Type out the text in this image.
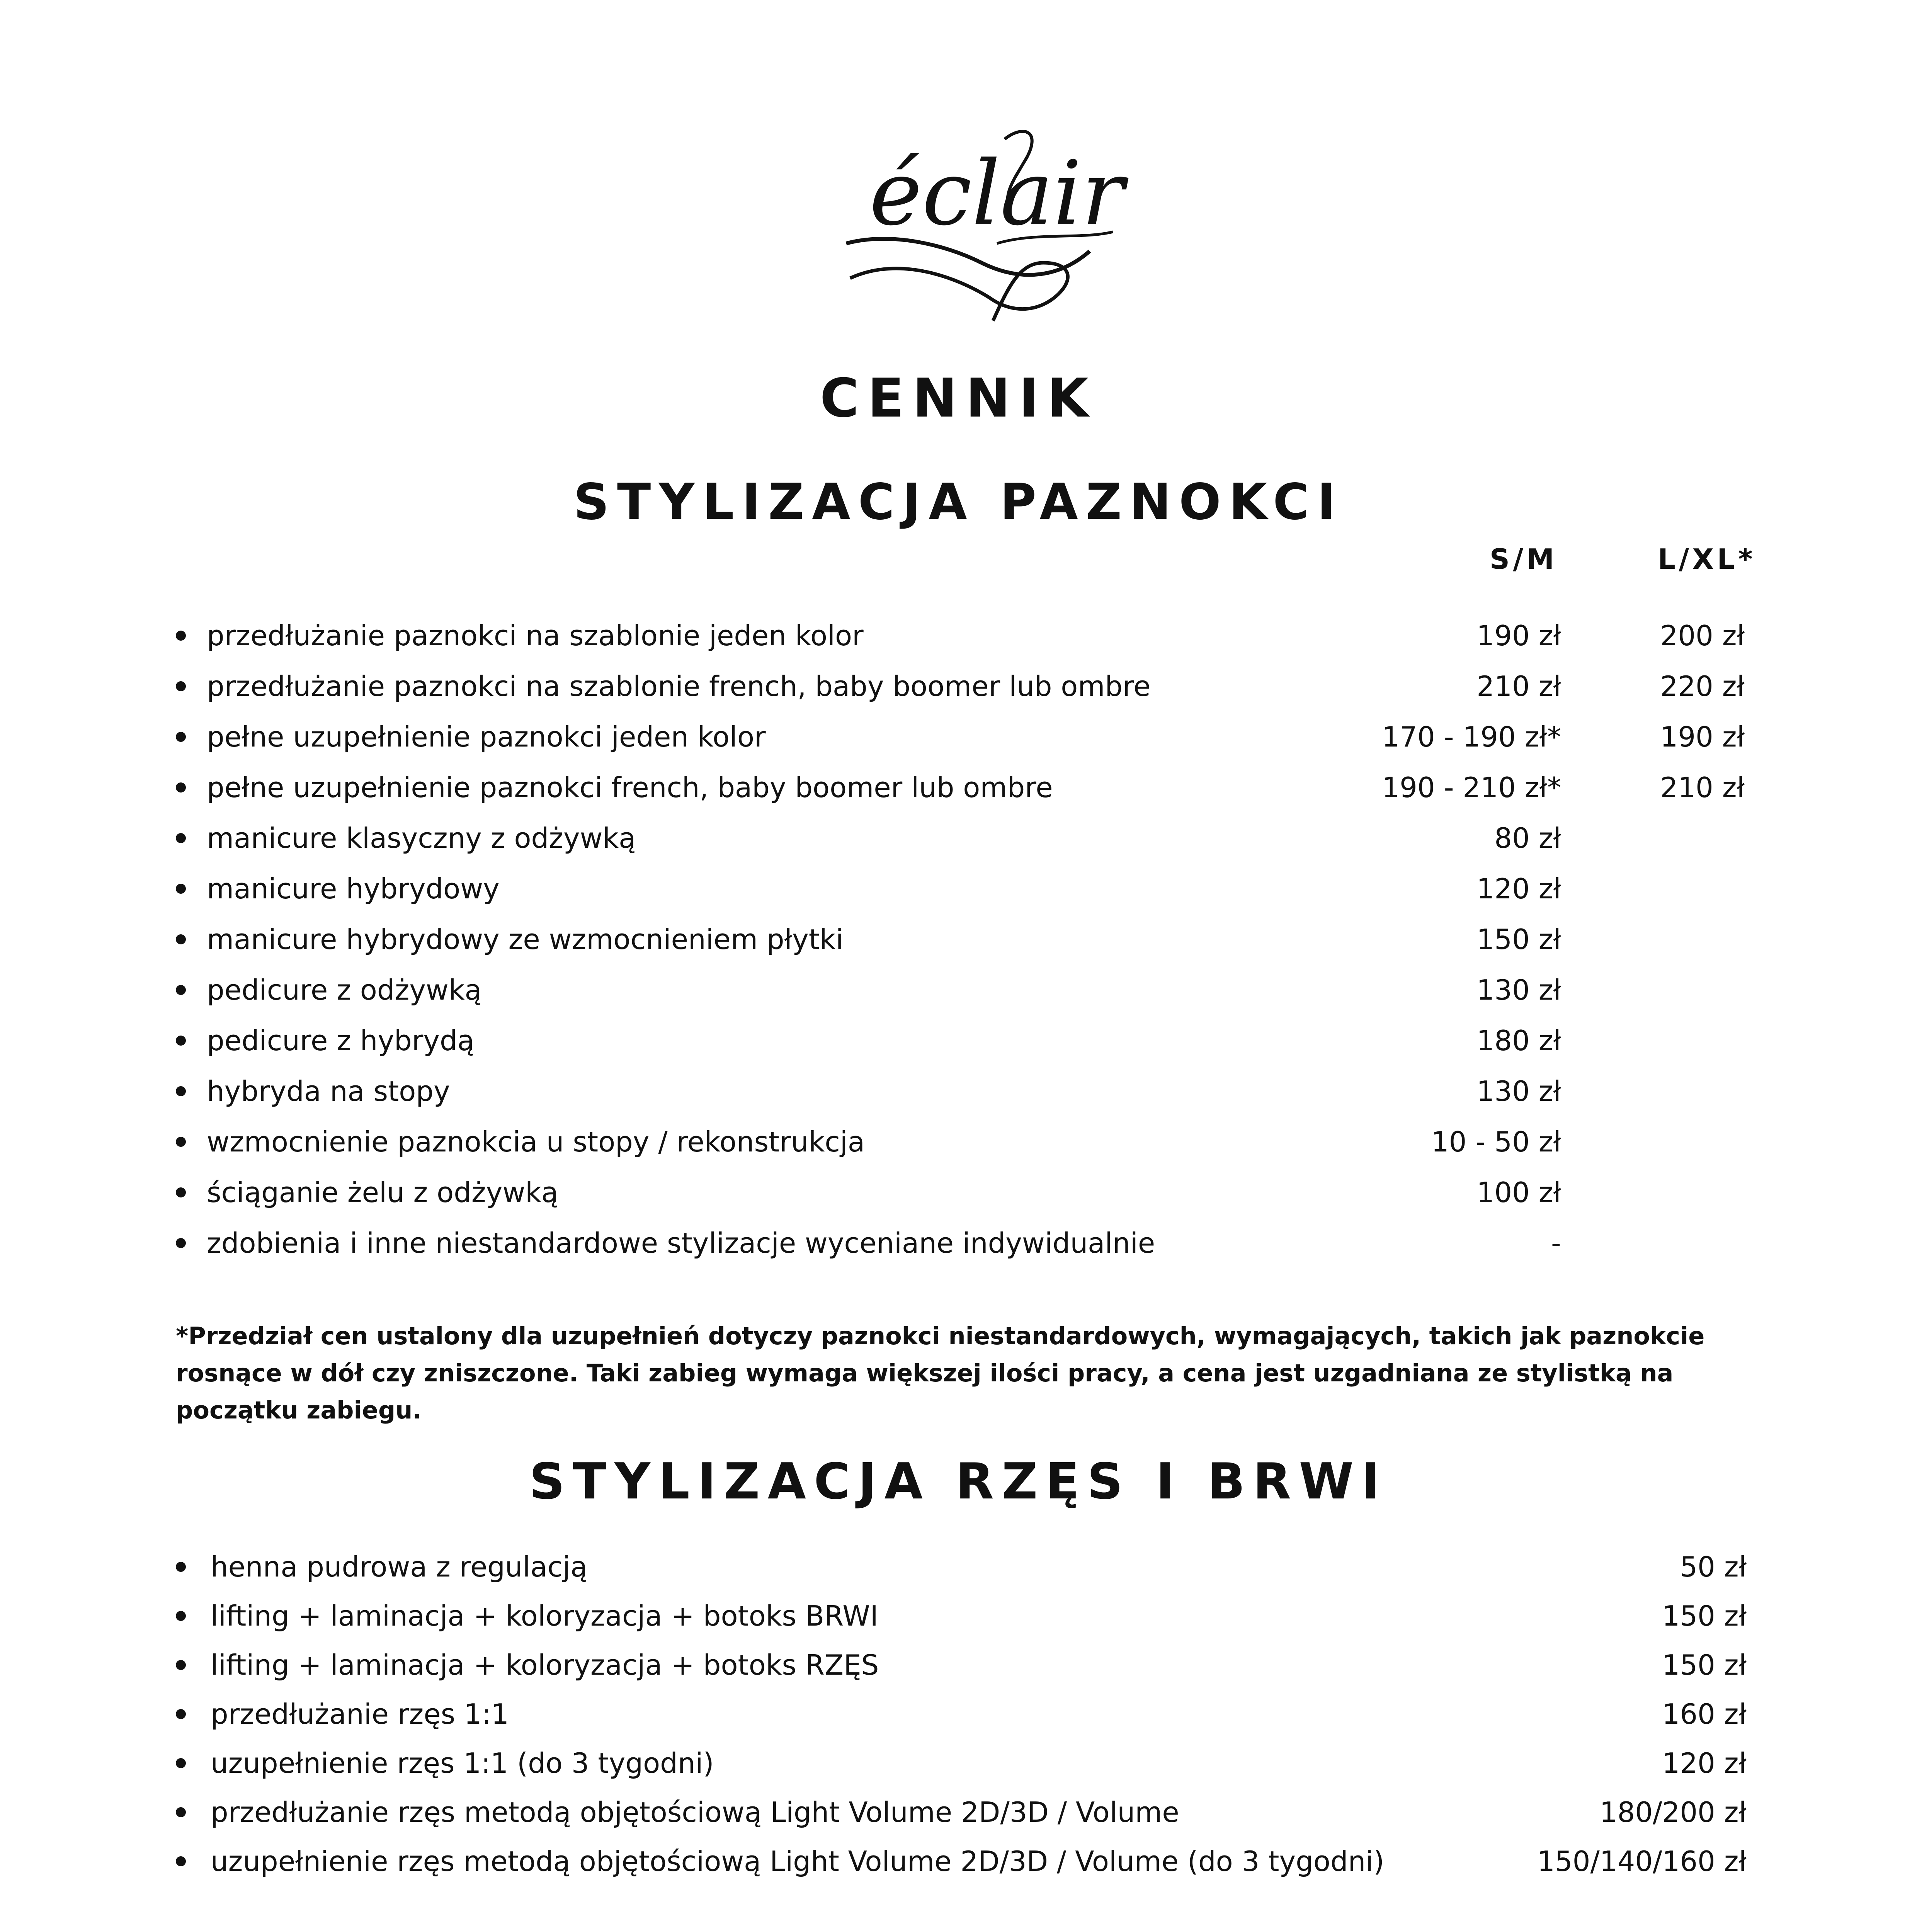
éclair
CENNIK
STYLIZACJA PAZNOKCI
S/M	L/XL*
przedłużanie paznokci na szablonie jeden kolor	190 zł	200 zł
przedłużanie paznokci na szablonie french, baby boomer lub ombre	210 zł	220 zł
pełne uzupełnienie paznokci jeden kolor	170 - 190 zł*	190 zł
pełne uzupełnienie paznokci french, baby boomer lub ombre	190 - 210 zł*	210 zł
manicure klasyczny z odżywką	80 zł
manicure hybrydowy	120 zł
manicure hybrydowy ze wzmocnieniem płytki	150 zł
pedicure z odżywką	130 zł
pedicure z hybrydą	180 zł
hybryda na stopy	130 zł
wzmocnienie paznokcia u stopy / rekonstrukcja	10 - 50 zł
ściąganie żelu z odżywką	100 zł
zdobienia i inne niestandardowe stylizacje wyceniane indywidualnie	-
*Przedział cen ustalony dla uzupełnień dotyczy paznokci niestandardowych, wymagających, takich jak paznokcie rosnące w dół czy zniszczone. Taki zabieg wymaga większej ilości pracy, a cena jest uzgadniana ze stylistką na początku zabiegu.
STYLIZACJA RZĘS I BRWI
henna pudrowa z regulacją	50 zł
lifting + laminacja + koloryzacja + botoks BRWI	150 zł
lifting + laminacja + koloryzacja + botoks RZĘS	150 zł
przedłużanie rzęs 1:1	160 zł
uzupełnienie rzęs 1:1 (do 3 tygodni)	120 zł
przedłużanie rzęs metodą objętościową Light Volume 2D/3D / Volume	180/200 zł
uzupełnienie rzęs metodą objętościową Light Volume 2D/3D / Volume (do 3 tygodni)	150/140/160 zł
